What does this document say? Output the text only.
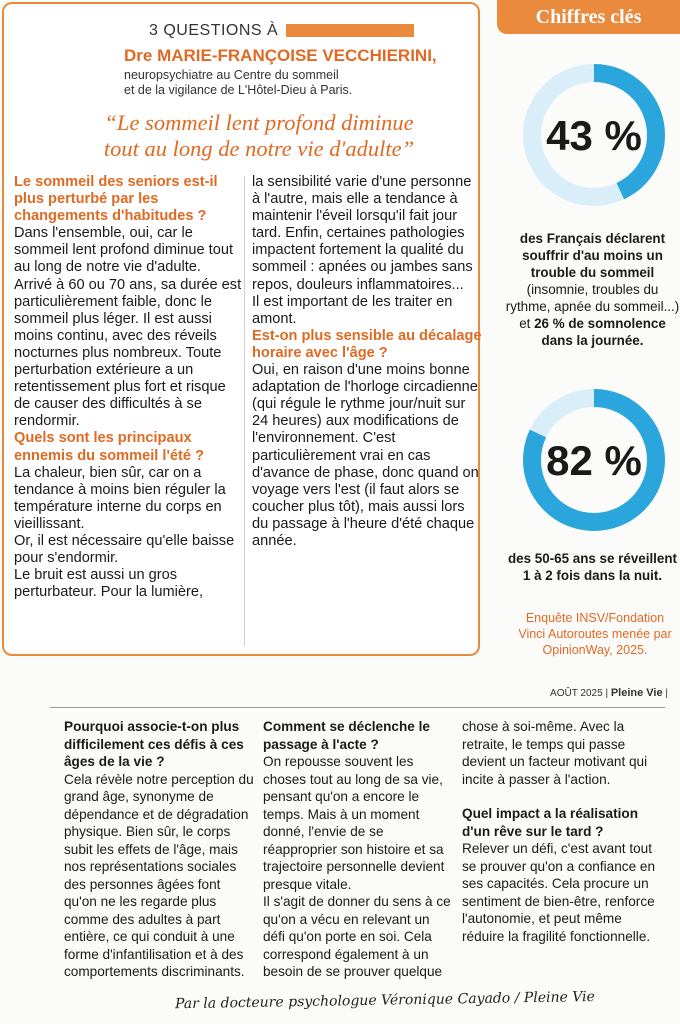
3 QUESTIONS À
Dre MARIE-FRANÇOISE VECCHIERINI,
neuropsychiatre au Centre du sommeil
et de la vigilance de L'Hôtel-Dieu à Paris.
“Le sommeil lent profond diminue
tout au long de notre vie d'adulte”

Le sommeil des seniors est-il plus perturbé par les changements d'habitudes ?

Dans l'ensemble, oui, car le sommeil lent profond diminue tout au long de notre vie d'adulte. Arrivé à 60 ou 70 ans, sa durée est particulièrement faible, donc le sommeil plus léger. Il est aussi moins continu, avec des réveils nocturnes plus nombreux. Toute perturbation extérieure a un retentissement plus fort et risque de causer des difficultés à se rendormir.

Quels sont les principaux ennemis du sommeil l'été ?

La chaleur, bien sûr, car on a tendance à moins bien réguler la température interne du corps en vieillissant.

Or, il est nécessaire qu'elle baisse pour s'endormir.

Le bruit est aussi un gros perturbateur. Pour la lumière,

la sensibilité varie d'une personne à l'autre, mais elle a tendance à maintenir l'éveil lorsqu'il fait jour tard. Enfin, certaines pathologies impactent fortement la qualité du sommeil : apnées ou jambes sans repos, douleurs inflammatoires...

Il est important de les traiter en amont.

Est-on plus sensible au décalage horaire avec l'âge ?

Oui, en raison d'une moins bonne adaptation de l'horloge circadienne (qui régule le rythme jour/nuit sur 24 heures) aux modifications de l'environnement. C'est particulièrement vrai en cas d'avance de phase, donc quand on voyage vers l'est (il faut alors se coucher plus tôt), mais aussi lors du passage à l'heure d'été chaque année.

Chiffres clés
43 %
des Français déclarent souffrir d'au moins un trouble du sommeil (insomnie, troubles du rythme, apnée du sommeil...) et 26 % de somnolence dans la journée.
82 %
des 50-65 ans se réveillent 1 à 2 fois dans la nuit.
Enquête INSV/Fondation Vinci Autoroutes menée par OpinionWay, 2025.
AOÛT 2025 | Pleine Vie |

Pourquoi associe-t-on plus difficilement ces défis à ces âges de la vie ?

Cela révèle notre perception du grand âge, synonyme de dépendance et de dégradation physique. Bien sûr, le corps subit les effets de l'âge, mais nos représentations sociales des personnes âgées font qu'on ne les regarde plus comme des adultes à part entière, ce qui conduit à une forme d'infantilisation et à des comportements discriminants.

Comment se déclenche le passage à l'acte ?

On repousse souvent les choses tout au long de sa vie, pensant qu'on a encore le temps. Mais à un moment donné, l'envie de se réapproprier son histoire et sa trajectoire personnelle devient presque vitale.

Il s'agit de donner du sens à ce qu'on a vécu en relevant un défi qu'on porte en soi. Cela correspond également à un besoin de se prouver quelque

chose à soi-même. Avec la retraite, le temps qui passe devient un facteur motivant qui incite à passer à l'action.

Quel impact a la réalisation d'un rêve sur le tard ?

Relever un défi, c'est avant tout se prouver qu'on a confiance en ses capacités. Cela procure un sentiment de bien-être, renforce l'autonomie, et peut même réduire la fragilité fonctionnelle.

Par la docteure psychologue Véronique Cayado / Pleine Vie
